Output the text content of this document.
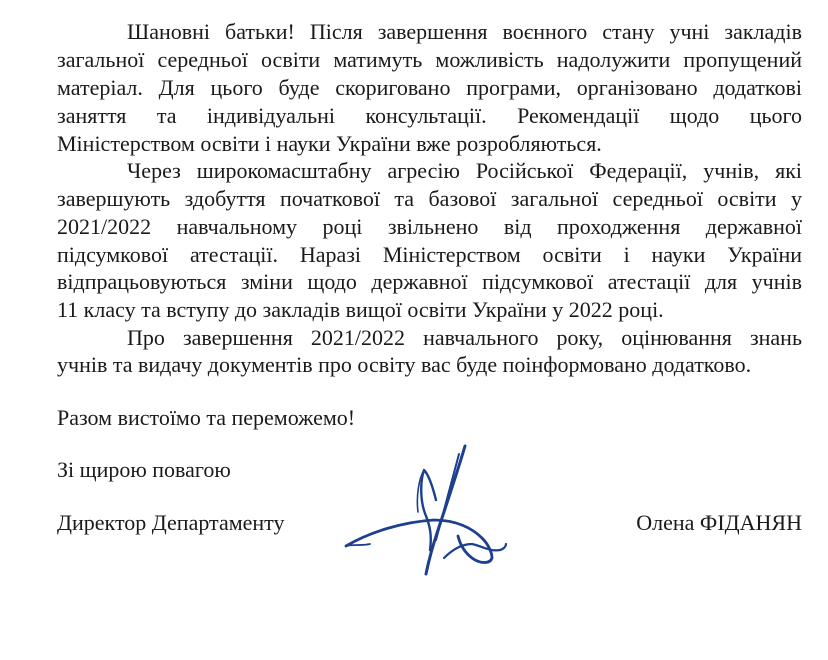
Шановні батьки! Після завершення воєнного стану учні закладів
загальної середньої освіти матимуть можливість надолужити пропущений
матеріал. Для цього буде скориговано програми, організовано додаткові
заняття та індивідуальні консультації. Рекомендації щодо цього
Міністерством освіти і науки України вже розробляються.
Через широкомасштабну агресію Російської Федерації, учнів, які
завершують здобуття початкової та базової загальної середньої освіти у
2021/2022 навчальному році звільнено від проходження державної
підсумкової атестації. Наразі Міністерством освіти і науки України
відпрацьовуються зміни щодо державної підсумкової атестації для учнів
11 класу та вступу до закладів вищої освіти України у 2022 році.
Про завершення 2021/2022 навчального року, оцінювання знань
учнів та видачу документів про освіту вас буде поінформовано додатково.
Разом вистоїмо та переможемо!
Зі щирою повагою
Директор Департаменту	Олена ФІДАНЯН
